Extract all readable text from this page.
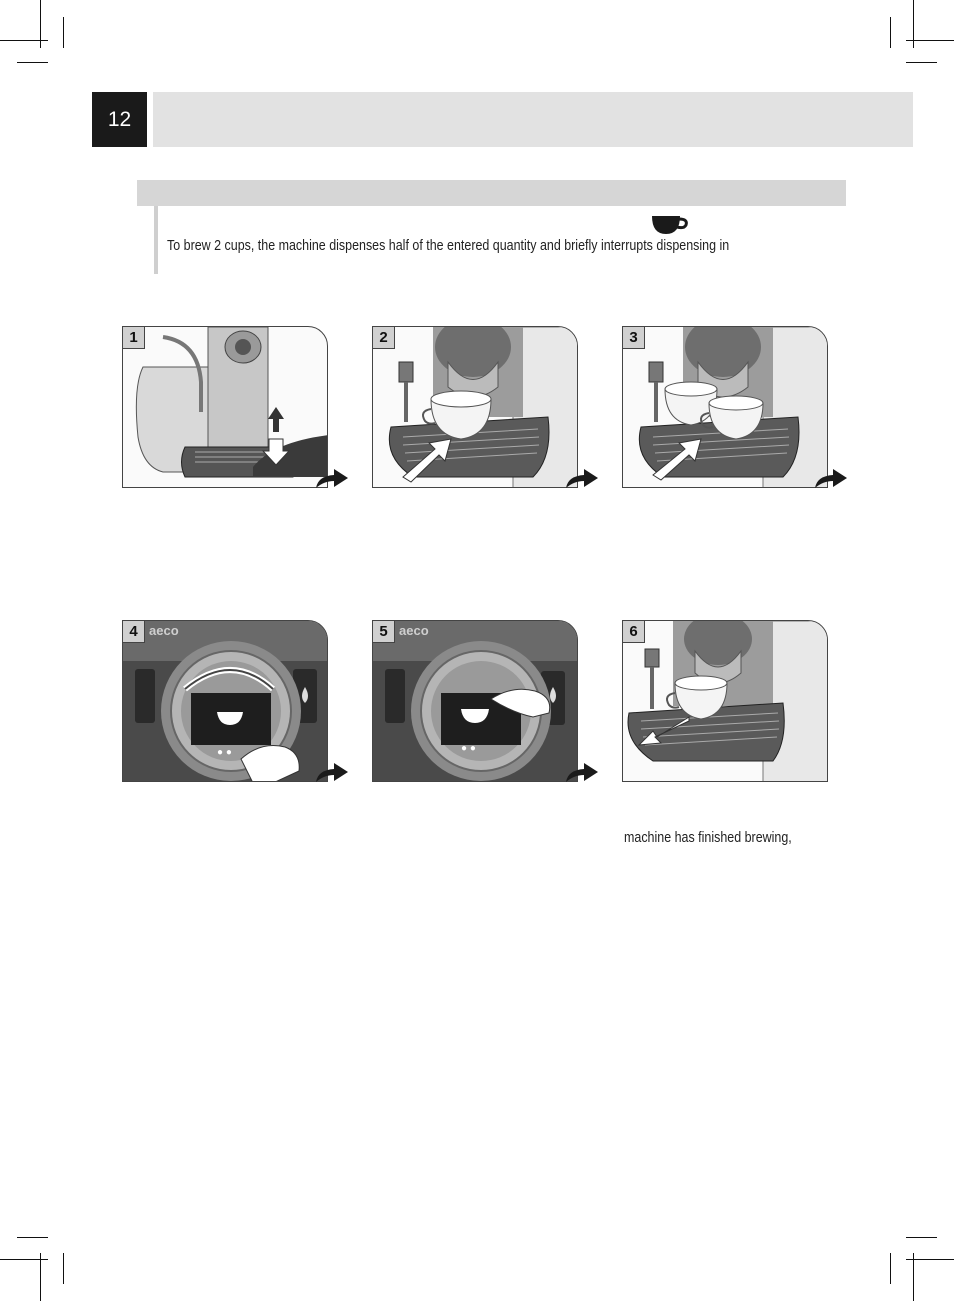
12
To brew 2 cups, the machine dispenses half of the entered quantity and briefly interrupts dispensing in
1	2	3
4 aeco
● ●
5 aeco
● ●
6
machine has finished brewing,
